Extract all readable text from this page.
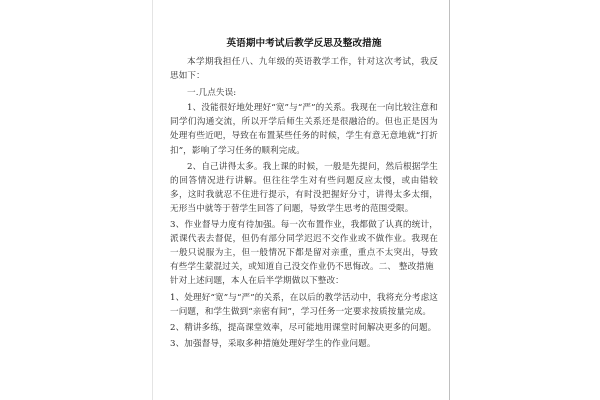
英语期中考试后教学反思及整改措施

本学期我担任八、九年级的英语教学工作，针对这次考试，我反思如下：

一.几点失误:

1、没能很好地处理好“宽”与“严”的关系。我现在一向比较注意和同学们沟通交流，所以开学后师生关系还是很融洽的。但也正是因为处理有些近吧，导致在布置某些任务的时候，学生有意无意地就“打折扣”，影响了学习任务的顺利完成。

2、自己讲得太多。我上课的时候，一般是先提问，然后根据学生的回答情况进行讲解。但往往学生对有些问题反应太慢，或由错较多，这时我就忍不住进行提示，有时没把握好分寸，讲得太多太细，无形当中就等于替学生回答了问题，导致学生思考的范围受限。

3、作业督导力度有待加强。每一次布置作业，我都做了认真的统计，派课代表去督促，但仍有部分同学迟迟不交作业或不做作业。我现在一般只说服为主，但一般情况下都是留对亲重，重点不太突出，导致有些学生蒙混过关，或知道自己没交作业仍不思悔改。二、 整改措施

针对上述问题，本人在后半学期做以下整改：

1、处理好“宽”与“严”的关系，在以后的教学活动中，我将充分考虑这一问题，和学生做到“亲密有间”，学习任务一定要求按质按量完成。

2、精讲多练，提高课堂效率，尽可能地用课堂时间解决更多的问题。

3、加强督导，采取多种措施处理好学生的作业问题。
